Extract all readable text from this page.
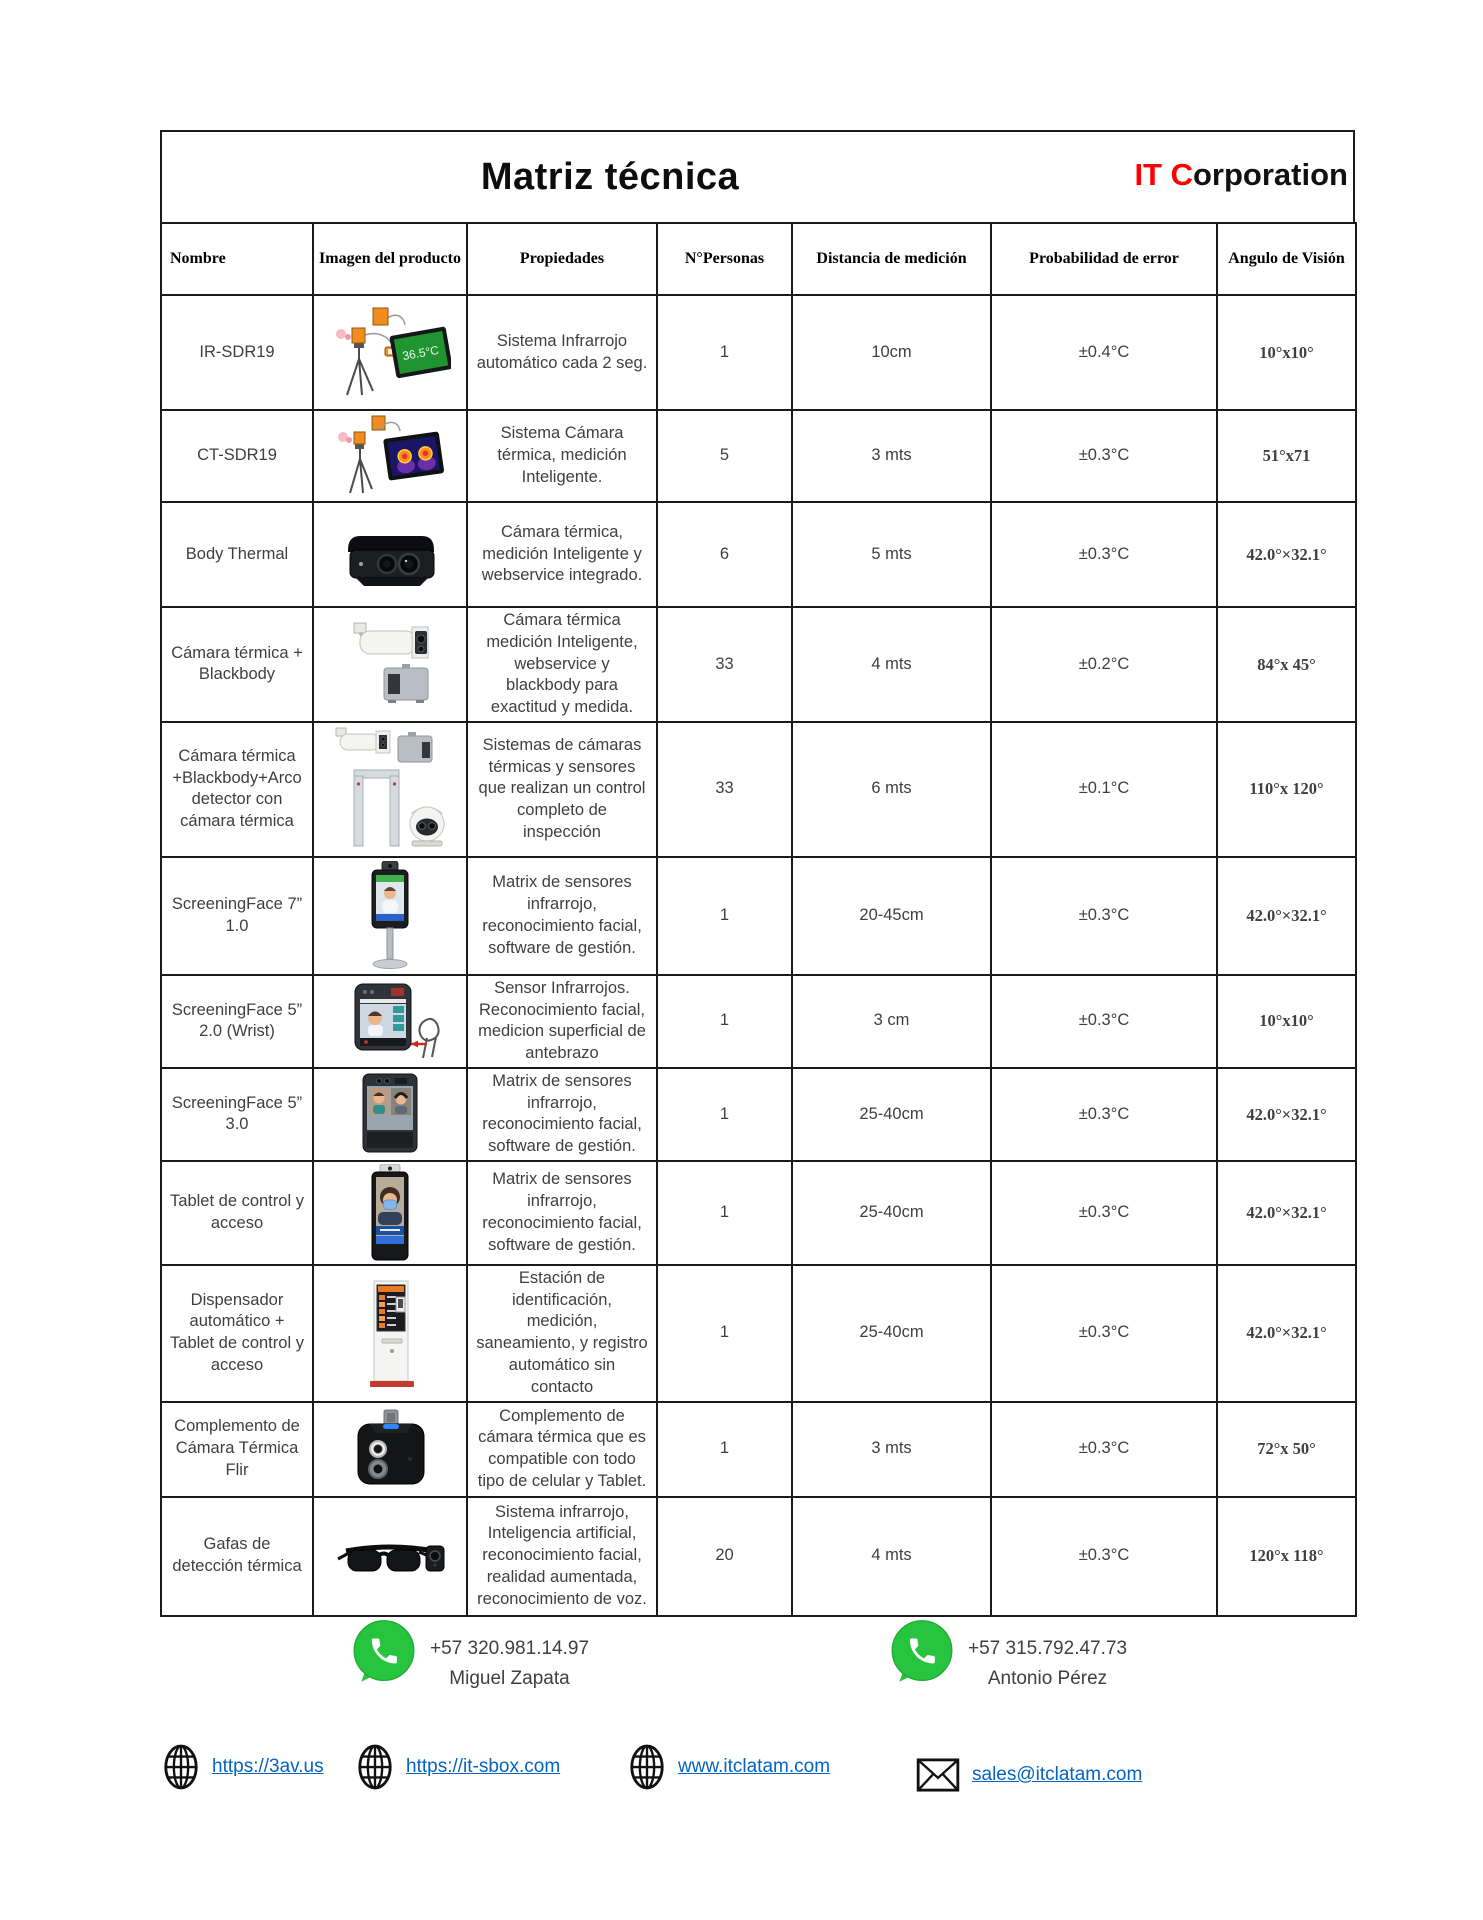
Matriz técnica	IT Corporation
Nombre	Imagen del producto	Propiedades	N°Personas	Distancia de medición	Probabilidad de error	Angulo de Visión
IR-SDR19	36.5°C	Sistema Infrarrojo automático cada 2 seg.	1	10cm	±0.4°C	10°x10°
CT-SDR19		Sistema Cámara térmica, medición Inteligente.	5	3 mts	±0.3°C	51°x71
Body Thermal		Cámara térmica, medición Inteligente y webservice integrado.	6	5 mts	±0.3°C	42.0°×32.1°
Cámara térmica + Blackbody		Cámara térmica medición Inteligente, webservice y blackbody para exactitud y medida.	33	4 mts	±0.2°C	84°x 45°
Cámara térmica +Blackbody+Arco detector con cámara térmica		Sistemas de cámaras térmicas y sensores que realizan un control completo de inspección	33	6 mts	±0.1°C	110°x 120°
ScreeningFace 7” 1.0		Matrix de sensores infrarrojo, reconocimiento facial, software de gestión.	1	20-45cm	±0.3°C	42.0°×32.1°
ScreeningFace 5” 2.0 (Wrist)		Sensor Infrarrojos. Reconocimiento facial, medicion superficial de antebrazo	1	3 cm	±0.3°C	10°x10°
ScreeningFace 5” 3.0		Matrix de sensores infrarrojo, reconocimiento facial, software de gestión.	1	25-40cm	±0.3°C	42.0°×32.1°
Tablet de control y acceso		Matrix de sensores infrarrojo, reconocimiento facial, software de gestión.	1	25-40cm	±0.3°C	42.0°×32.1°
Dispensador automático + Tablet de control y acceso		Estación de identificación, medición, saneamiento, y registro automático sin contacto	1	25-40cm	±0.3°C	42.0°×32.1°
Complemento de Cámara Térmica Flir		Complemento de cámara térmica que es compatible con todo tipo de celular y Tablet.	1	3 mts	±0.3°C	72°x 50°
Gafas de detección térmica		Sistema infrarrojo, Inteligencia artificial, reconocimiento facial, realidad aumentada, reconocimiento de voz.	20	4 mts	±0.3°C	120°x 118°
+57 320.981.14.97
Miguel Zapata
+57 315.792.47.73
Antonio Pérez
https://3av.us	https://it-sbox.com	www.itclatam.com	sales@itclatam.com
